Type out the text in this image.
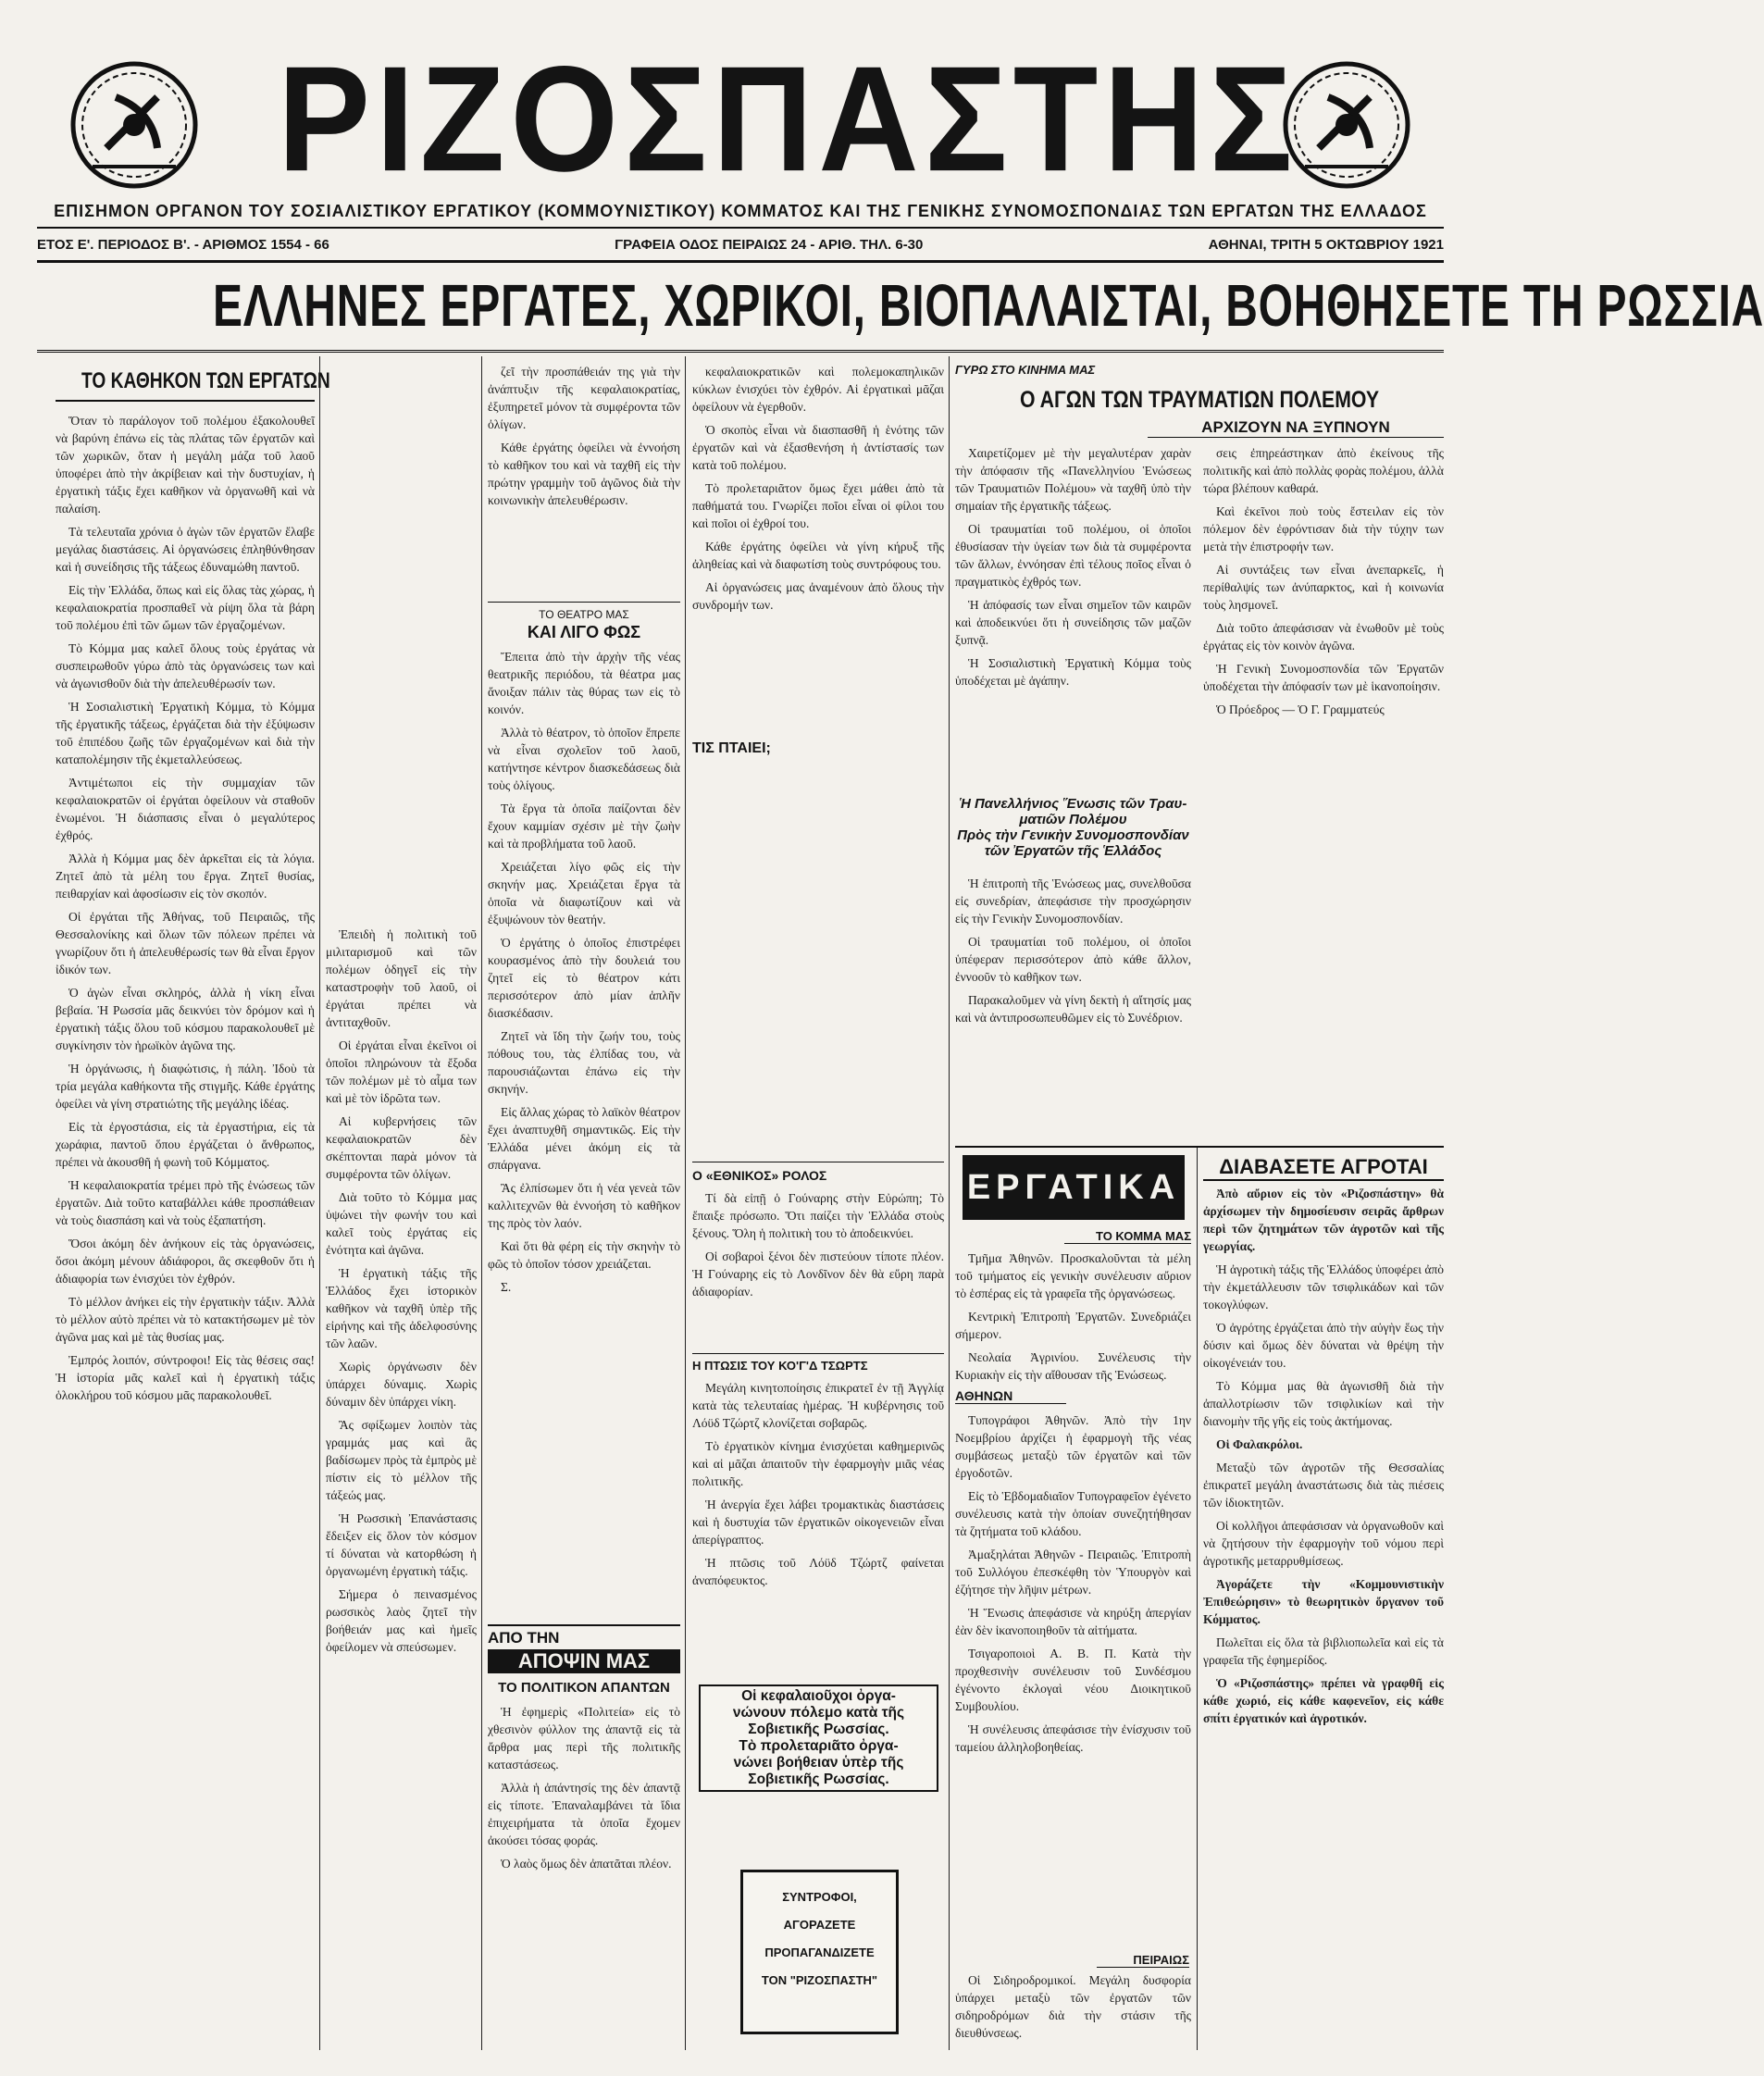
ΡΙΖΟΣΠΑΣΤΗΣ
ΕΠΙΣΗΜΟΝ ΟΡΓΑΝΟΝ ΤΟΥ ΣΟΣΙΑΛΙΣΤΙΚΟΥ ΕΡΓΑΤΙΚΟΥ (ΚΟΜΜΟΥΝΙΣΤΙΚΟΥ) ΚΟΜΜΑΤΟΣ ΚΑΙ ΤΗΣ ΓΕΝΙΚΗΣ ΣΥΝΟΜΟΣΠΟΝΔΙΑΣ ΤΩΝ ΕΡΓΑΤΩΝ ΤΗΣ ΕΛΛΑΔΟΣ
ΕΤΟΣ Ε'. ΠΕΡΙΟΔΟΣ Β'. - ΑΡΙΘΜΟΣ 1554 - 66	ΓΡΑΦΕΙΑ ΟΔΟΣ ΠΕΙΡΑΙΩΣ 24 - ΑΡΙΘ. ΤΗΛ. 6-30	ΑΘΗΝΑΙ, ΤΡΙΤΗ 5 ΟΚΤΩΒΡΙΟΥ 1921
ΕΛΛΗΝΕΣ ΕΡΓΑΤΕΣ, ΧΩΡΙΚΟΙ, ΒΙΟΠΑΛΑΙΣΤΑΙ, ΒΟΗΘΗΣΕΤΕ ΤΗ ΡΩΣΣΙΑ
ΤΟ ΚΑΘΗΚΟΝ ΤΩΝ ΕΡΓΑΤΩΝ

Ὅταν τὸ παράλογον τοῦ πολέμου ἐξακολουθεῖ νὰ βαρύνη ἐπάνω εἰς τὰς πλάτας τῶν ἐργατῶν καὶ τῶν χωρικῶν, ὅταν ἡ μεγάλη μάζα τοῦ λαοῦ ὑποφέρει ἀπὸ τὴν ἀκρίβειαν καὶ τὴν δυστυχίαν, ἡ ἐργατικὴ τάξις ἔχει καθῆκον νὰ ὀργανωθῆ καὶ νὰ παλαίση.

Τὰ τελευταῖα χρόνια ὁ ἀγὼν τῶν ἐργατῶν ἔλαβε μεγάλας διαστάσεις. Αἱ ὀργανώσεις ἐπληθύνθησαν καὶ ἡ συνείδησις τῆς τάξεως ἐδυναμώθη παντοῦ.

Εἰς τὴν Ἑλλάδα, ὅπως καὶ εἰς ὅλας τὰς χώρας, ἡ κεφαλαιοκρατία προσπαθεῖ νὰ ρίψη ὅλα τὰ βάρη τοῦ πολέμου ἐπὶ τῶν ὤμων τῶν ἐργαζομένων.

Τὸ Κόμμα μας καλεῖ ὅλους τοὺς ἐργάτας νὰ συσπειρωθοῦν γύρω ἀπὸ τὰς ὀργανώσεις των καὶ νὰ ἀγωνισθοῦν διὰ τὴν ἀπελευθέρωσίν των.

Ἡ Σοσιαλιστικὴ Ἐργατικὴ Κόμμα, τὸ Κόμμα τῆς ἐργατικῆς τάξεως, ἐργάζεται διὰ τὴν ἐξύψωσιν τοῦ ἐπιπέδου ζωῆς τῶν ἐργαζομένων καὶ διὰ τὴν καταπολέμησιν τῆς ἐκμεταλλεύσεως.

Ἀντιμέτωποι εἰς τὴν συμμαχίαν τῶν κεφαλαιοκρατῶν οἱ ἐργάται ὀφείλουν νὰ σταθοῦν ἑνωμένοι. Ἡ διάσπασις εἶναι ὁ μεγαλύτερος ἐχθρός.

Ἀλλὰ ἡ Κόμμα μας δὲν ἀρκεῖται εἰς τὰ λόγια. Ζητεῖ ἀπὸ τὰ μέλη του ἔργα. Ζητεῖ θυσίας, πειθαρχίαν καὶ ἀφοσίωσιν εἰς τὸν σκοπόν.

Οἱ ἐργάται τῆς Ἀθήνας, τοῦ Πειραιῶς, τῆς Θεσσαλονίκης καὶ ὅλων τῶν πόλεων πρέπει νὰ γνωρίζουν ὅτι ἡ ἀπελευθέρωσίς των θὰ εἶναι ἔργον ἰδικόν των.

Ὁ ἀγὼν εἶναι σκληρός, ἀλλὰ ἡ νίκη εἶναι βεβαία. Ἡ Ρωσσία μᾶς δεικνύει τὸν δρόμον καὶ ἡ ἐργατικὴ τάξις ὅλου τοῦ κόσμου παρακολουθεῖ μὲ συγκίνησιν τὸν ἡρωϊκὸν ἀγῶνα της.

Ἡ ὀργάνωσις, ἡ διαφώτισις, ἡ πάλη. Ἰδοὺ τὰ τρία μεγάλα καθήκοντα τῆς στιγμῆς. Κάθε ἐργάτης ὀφείλει νὰ γίνη στρατιώτης τῆς μεγάλης ἰδέας.

Εἰς τὰ ἐργοστάσια, εἰς τὰ ἐργαστήρια, εἰς τὰ χωράφια, παντοῦ ὅπου ἐργάζεται ὁ ἄνθρωπος, πρέπει νὰ ἀκουσθῆ ἡ φωνὴ τοῦ Κόμματος.

Ἡ κεφαλαιοκρατία τρέμει πρὸ τῆς ἑνώσεως τῶν ἐργατῶν. Διὰ τοῦτο καταβάλλει κάθε προσπάθειαν νὰ τοὺς διασπάση καὶ νὰ τοὺς ἐξαπατήση.

Ὅσοι ἀκόμη δὲν ἀνήκουν εἰς τὰς ὀργανώσεις, ὅσοι ἀκόμη μένουν ἀδιάφοροι, ἂς σκεφθοῦν ὅτι ἡ ἀδιαφορία των ἐνισχύει τὸν ἐχθρόν.

Τὸ μέλλον ἀνήκει εἰς τὴν ἐργατικὴν τάξιν. Ἀλλὰ τὸ μέλλον αὐτὸ πρέπει νὰ τὸ κατακτήσωμεν μὲ τὸν ἀγῶνα μας καὶ μὲ τὰς θυσίας μας.

Ἐμπρός λοιπόν, σύντροφοι! Εἰς τὰς θέσεις σας! Ἡ ἱστορία μᾶς καλεῖ καὶ ἡ ἐργατικὴ τάξις ὁλοκλήρου τοῦ κόσμου μᾶς παρακολουθεῖ.

Ἐπειδὴ ἡ πολιτικὴ τοῦ μιλιταρισμοῦ καὶ τῶν πολέμων ὁδηγεῖ εἰς τὴν καταστροφὴν τοῦ λαοῦ, οἱ ἐργάται πρέπει νὰ ἀντιταχθοῦν.

Οἱ ἐργάται εἶναι ἐκεῖνοι οἱ ὁποῖοι πληρώνουν τὰ ἔξοδα τῶν πολέμων μὲ τὸ αἷμα των καὶ μὲ τὸν ἱδρῶτα των.

Αἱ κυβερνήσεις τῶν κεφαλαιοκρατῶν δὲν σκέπτονται παρὰ μόνον τὰ συμφέροντα τῶν ὀλίγων.

Διὰ τοῦτο τὸ Κόμμα μας ὑψώνει τὴν φωνήν του καὶ καλεῖ τοὺς ἐργάτας εἰς ἐνότητα καὶ ἀγῶνα.

Ἡ ἐργατικὴ τάξις τῆς Ἑλλάδος ἔχει ἱστορικὸν καθῆκον νὰ ταχθῆ ὑπὲρ τῆς εἰρήνης καὶ τῆς ἀδελφοσύνης τῶν λαῶν.

Χωρὶς ὀργάνωσιν δὲν ὑπάρχει δύναμις. Χωρὶς δύναμιν δὲν ὑπάρχει νίκη.

Ἂς σφίξωμεν λοιπὸν τὰς γραμμάς μας καὶ ἂς βαδίσωμεν πρὸς τὰ ἐμπρὸς μὲ πίστιν εἰς τὸ μέλλον τῆς τάξεώς μας.

Ἡ Ρωσσικὴ Ἐπανάστασις ἔδειξεν εἰς ὅλον τὸν κόσμον τί δύναται νὰ κατορθώση ἡ ὀργανωμένη ἐργατικὴ τάξις.

Σήμερα ὁ πεινασμένος ρωσσικὸς λαὸς ζητεῖ τὴν βοήθειάν μας καὶ ἡμεῖς ὀφείλομεν νὰ σπεύσωμεν.

ζεῖ τὴν προσπάθειάν της γιὰ τὴν ἀνάπτυξιν τῆς κεφαλαιοκρατίας, ἐξυπηρετεῖ μόνον τὰ συμφέροντα τῶν ὀλίγων.

Κάθε ἐργάτης ὀφείλει νὰ ἐννοήση τὸ καθῆκον του καὶ νὰ ταχθῆ εἰς τὴν πρώτην γραμμὴν τοῦ ἀγῶνος διὰ τὴν κοινωνικὴν ἀπελευθέρωσιν.

ΤΟ ΘΕΑΤΡΟ ΜΑΣ
ΚΑΙ ΛΙΓΟ ΦΩΣ

Ἔπειτα ἀπὸ τὴν ἀρχὴν τῆς νέας θεατρικῆς περιόδου, τὰ θέατρα μας ἄνοιξαν πάλιν τὰς θύρας των εἰς τὸ κοινόν.

Ἀλλὰ τὸ θέατρον, τὸ ὁποῖον ἔπρεπε νὰ εἶναι σχολεῖον τοῦ λαοῦ, κατήντησε κέντρον διασκεδάσεως διὰ τοὺς ὀλίγους.

Τὰ ἔργα τὰ ὁποῖα παίζονται δὲν ἔχουν καμμίαν σχέσιν μὲ τὴν ζωὴν καὶ τὰ προβλήματα τοῦ λαοῦ.

Χρειάζεται λίγο φῶς εἰς τὴν σκηνήν μας. Χρειάζεται ἔργα τὰ ὁποῖα νὰ διαφωτίζουν καὶ νὰ ἐξυψώνουν τὸν θεατήν.

Ὁ ἐργάτης ὁ ὁποῖος ἐπιστρέφει κουρασμένος ἀπὸ τὴν δουλειά του ζητεῖ εἰς τὸ θέατρον κάτι περισσότερον ἀπὸ μίαν ἁπλῆν διασκέδασιν.

Ζητεῖ νὰ ἴδη τὴν ζωήν του, τοὺς πόθους του, τὰς ἐλπίδας του, νὰ παρουσιάζωνται ἐπάνω εἰς τὴν σκηνήν.

Εἰς ἄλλας χώρας τὸ λαϊκὸν θέατρον ἔχει ἀναπτυχθῆ σημαντικῶς. Εἰς τὴν Ἑλλάδα μένει ἀκόμη εἰς τὰ σπάργανα.

Ἂς ἐλπίσωμεν ὅτι ἡ νέα γενεὰ τῶν καλλιτεχνῶν θὰ ἐννοήση τὸ καθῆκον της πρὸς τὸν λαόν.

Καὶ ὅτι θὰ φέρη εἰς τὴν σκηνὴν τὸ φῶς τὸ ὁποῖον τόσον χρειάζεται.

Σ.

ΑΠΟ ΤΗΝ
ΑΠΟΨΙΝ ΜΑΣ
ΤΟ ΠΟΛΙΤΙΚΟΝ ΑΠΑΝΤΩΝ

Ἡ ἐφημερὶς «Πολιτεία» εἰς τὸ χθεσινὸν φύλλον της ἀπαντᾷ εἰς τὰ ἄρθρα μας περὶ τῆς πολιτικῆς καταστάσεως.

Ἀλλὰ ἡ ἀπάντησίς της δὲν ἀπαντᾷ εἰς τίποτε. Ἐπαναλαμβάνει τὰ ἴδια ἐπιχειρήματα τὰ ὁποῖα ἔχομεν ἀκούσει τόσας φοράς.

Ὁ λαὸς ὅμως δὲν ἀπατᾶται πλέον.

κεφαλαιοκρατικῶν καὶ πολεμοκαπηλικῶν κύκλων ἐνισχύει τὸν ἐχθρόν. Αἱ ἐργατικαὶ μᾶζαι ὀφείλουν νὰ ἐγερθοῦν.

Ὁ σκοπὸς εἶναι νὰ διασπασθῆ ἡ ἑνότης τῶν ἐργατῶν καὶ νὰ ἐξασθενήση ἡ ἀντίστασίς των κατὰ τοῦ πολέμου.

Τὸ προλεταριᾶτον ὅμως ἔχει μάθει ἀπὸ τὰ παθήματά του. Γνωρίζει ποῖοι εἶναι οἱ φίλοι του καὶ ποῖοι οἱ ἐχθροί του.

Κάθε ἐργάτης ὀφείλει νὰ γίνη κήρυξ τῆς ἀληθείας καὶ νὰ διαφωτίση τοὺς συντρόφους του.

Αἱ ὀργανώσεις μας ἀναμένουν ἀπὸ ὅλους τὴν συνδρομήν των.

ΤΙΣ ΠΤΑΙΕΙ;
Ο «ΕΘΝΙΚΟΣ» ΡΟΛΟΣ

Τί δὰ εἰπῇ ὁ Γούναρης στὴν Εὐρώπη; Τὸ ἔπαιξε πρόσωπο. Ὅτι παίζει τὴν Ἑλλάδα στοὺς ξένους. Ὅλη ἡ πολιτικὴ του τὸ ἀποδεικνύει.

Οἱ σοβαροὶ ξένοι δὲν πιστεύουν τίποτε πλέον. Ἡ Γούναρης εἰς τὸ Λονδῖνον δὲν θὰ εὕρη παρὰ ἀδιαφορίαν.

Η ΠΤΩΣΙΣ ΤΟΥ ΚΟ'Γ'Δ ΤΣΩΡΤΣ

Μεγάλη κινητοποίησις ἐπικρατεῖ ἐν τῇ Ἀγγλίᾳ κατὰ τὰς τελευταίας ἡμέρας. Ἡ κυβέρνησις τοῦ Λόϋδ Τζώρτζ κλονίζεται σοβαρῶς.

Τὸ ἐργατικὸν κίνημα ἐνισχύεται καθημερινῶς καὶ αἱ μᾶζαι ἀπαιτοῦν τὴν ἐφαρμογὴν μιᾶς νέας πολιτικῆς.

Ἡ ἀνεργία ἔχει λάβει τρομακτικὰς διαστάσεις καὶ ἡ δυστυχία τῶν ἐργατικῶν οἰκογενειῶν εἶναι ἀπερίγραπτος.

Ἡ πτῶσις τοῦ Λόϋδ Τζώρτζ φαίνεται ἀναπόφευκτος.

Οἱ κεφαλαιοῦχοι ὀργα-
νώνουν πόλεμο κατὰ τῆς
Σοβιετικῆς Ρωσσίας.
Τὸ προλεταριᾶτο ὀργα-
νώνει βοήθειαν ὑπὲρ τῆς
Σοβιετικῆς Ρωσσίας.
ΣΥΝΤΡΟΦΟΙ,
ΑΓΟΡΑΖΕΤΕ
ΠΡΟΠΑΓΑΝΔΙΖΕΤΕ
ΤΟΝ "ΡΙΖΟΣΠΑΣΤΗ"
ΓΥΡΩ ΣΤΟ ΚΙΝΗΜΑ ΜΑΣ
Ο ΑΓΩΝ ΤΩΝ ΤΡΑΥΜΑΤΙΩΝ ΠΟΛΕΜΟΥ
ΑΡΧΙΖΟΥΝ ΝΑ ΞΥΠΝΟΥΝ

Χαιρετίζομεν μὲ τὴν μεγαλυτέραν χαρὰν τὴν ἀπόφασιν τῆς «Πανελληνίου Ἑνώσεως τῶν Τραυματιῶν Πολέμου» νὰ ταχθῆ ὑπὸ τὴν σημαίαν τῆς ἐργατικῆς τάξεως.

Οἱ τραυματίαι τοῦ πολέμου, οἱ ὁποῖοι ἐθυσίασαν τὴν ὑγείαν των διὰ τὰ συμφέροντα τῶν ἄλλων, ἐννόησαν ἐπὶ τέλους ποῖος εἶναι ὁ πραγματικὸς ἐχθρός των.

Ἡ ἀπόφασίς των εἶναι σημεῖον τῶν καιρῶν καὶ ἀποδεικνύει ὅτι ἡ συνείδησις τῶν μαζῶν ξυπνᾷ.

Ἡ Σοσιαλιστικὴ Ἐργατικὴ Κόμμα τοὺς ὑποδέχεται μὲ ἀγάπην.

σεις ἐπηρεάστηκαν ἀπὸ ἐκείνους τῆς πολιτικῆς καὶ ἀπὸ πολλὰς φορὰς πολέμου, ἀλλὰ τώρα βλέπουν καθαρά.

Καὶ ἐκεῖνοι ποὺ τοὺς ἔστειλαν εἰς τὸν πόλεμον δὲν ἐφρόντισαν διὰ τὴν τύχην των μετὰ τὴν ἐπιστροφήν των.

Αἱ συντάξεις των εἶναι ἀνεπαρκεῖς, ἡ περίθαλψίς των ἀνύπαρκτος, καὶ ἡ κοινωνία τοὺς λησμονεῖ.

Διὰ τοῦτο ἀπεφάσισαν νὰ ἑνωθοῦν μὲ τοὺς ἐργάτας εἰς τὸν κοινὸν ἀγῶνα.

Ἡ Γενικὴ Συνομοσπονδία τῶν Ἐργατῶν ὑποδέχεται τὴν ἀπόφασίν των μὲ ἱκανοποίησιν.

Ὁ Πρόεδρος — Ὁ Γ. Γραμματεύς

Ἡ Πανελλήνιος Ἕνωσις τῶν Τραυ-
ματιῶν Πολέμου
Πρὸς τὴν Γενικὴν Συνομοσπονδίαν
τῶν Ἐργατῶν τῆς Ἑλλάδος

Ἡ ἐπιτροπὴ τῆς Ἑνώσεως μας, συνελθοῦσα εἰς συνεδρίαν, ἀπεφάσισε τὴν προσχώρησιν εἰς τὴν Γενικὴν Συνομοσπονδίαν.

Οἱ τραυματίαι τοῦ πολέμου, οἱ ὁποῖοι ὑπέφεραν περισσότερον ἀπὸ κάθε ἄλλον, ἐννοοῦν τὸ καθῆκον των.

Παρακαλοῦμεν νὰ γίνη δεκτὴ ἡ αἴτησίς μας καὶ νὰ ἀντιπροσωπευθῶμεν εἰς τὸ Συνέδριον.

ΕΡΓΑΤΙΚΑ
ΤΟ ΚΟΜΜΑ ΜΑΣ

Τμῆμα Ἀθηνῶν. Προσκαλοῦνται τὰ μέλη τοῦ τμήματος εἰς γενικὴν συνέλευσιν αὔριον τὸ ἑσπέρας εἰς τὰ γραφεῖα τῆς ὀργανώσεως.

Κεντρικὴ Ἐπιτροπὴ Ἐργατῶν. Συνεδριάζει σήμερον.

Νεολαία Ἀγρινίου. Συνέλευσις τὴν Κυριακὴν εἰς τὴν αἴθουσαν τῆς Ἑνώσεως.

ΑΘΗΝΩΝ

Τυπογράφοι Ἀθηνῶν. Ἀπὸ τὴν 1ην Νοεμβρίου ἀρχίζει ἡ ἐφαρμογὴ τῆς νέας συμβάσεως μεταξὺ τῶν ἐργατῶν καὶ τῶν ἐργοδοτῶν.

Εἰς τὸ Ἑβδομαδιαῖον Τυπογραφεῖον ἐγένετο συνέλευσις κατὰ τὴν ὁποίαν συνεζητήθησαν τὰ ζητήματα τοῦ κλάδου.

Ἀμαξηλάται Ἀθηνῶν - Πειραιῶς. Ἐπιτροπὴ τοῦ Συλλόγου ἐπεσκέφθη τὸν Ὑπουργὸν καὶ ἐζήτησε τὴν λῆψιν μέτρων.

Ἡ Ἕνωσις ἀπεφάσισε νὰ κηρύξη ἀπεργίαν ἐὰν δὲν ἱκανοποιηθοῦν τὰ αἰτήματα.

Τσιγαροποιοὶ Α. Β. Π. Κατὰ τὴν προχθεσινὴν συνέλευσιν τοῦ Συνδέσμου ἐγένοντο ἐκλογαὶ νέου Διοικητικοῦ Συμβουλίου.

Ἡ συνέλευσις ἀπεφάσισε τὴν ἐνίσχυσιν τοῦ ταμείου ἀλληλοβοηθείας.

ΠΕΙΡΑΙΩΣ

Οἱ Σιδηροδρομικοί. Μεγάλη δυσφορία ὑπάρχει μεταξὺ τῶν ἐργατῶν τῶν σιδηροδρόμων διὰ τὴν στάσιν τῆς διευθύνσεως.

ΔΙΑΒΑΣΕΤΕ ΑΓΡΟΤΑΙ

Ἀπὸ αὔριον εἰς τὸν «Ριζοσπάστην» θὰ ἀρχίσωμεν τὴν δημοσίευσιν σειρᾶς ἄρθρων περὶ τῶν ζητημάτων τῶν ἀγροτῶν καὶ τῆς γεωργίας.

Ἡ ἀγροτικὴ τάξις τῆς Ἑλλάδος ὑποφέρει ἀπὸ τὴν ἐκμετάλλευσιν τῶν τσιφλικάδων καὶ τῶν τοκογλύφων.

Ὁ ἀγρότης ἐργάζεται ἀπὸ τὴν αὐγὴν ἕως τὴν δύσιν καὶ ὅμως δὲν δύναται νὰ θρέψη τὴν οἰκογένειάν του.

Τὸ Κόμμα μας θὰ ἀγωνισθῆ διὰ τὴν ἀπαλλοτρίωσιν τῶν τσιφλικίων καὶ τὴν διανομὴν τῆς γῆς εἰς τοὺς ἀκτήμονας.

Οἱ Φαλακρόλοι.

Μεταξὺ τῶν ἀγροτῶν τῆς Θεσσαλίας ἐπικρατεῖ μεγάλη ἀναστάτωσις διὰ τὰς πιέσεις τῶν ἰδιοκτητῶν.

Οἱ κολλῆγοι ἀπεφάσισαν νὰ ὀργανωθοῦν καὶ νὰ ζητήσουν τὴν ἐφαρμογὴν τοῦ νόμου περὶ ἀγροτικῆς μεταρρυθμίσεως.

Ἀγοράζετε τὴν «Κομμουνιστικὴν Ἐπιθεώρησιν» τὸ θεωρητικὸν ὄργανον τοῦ Κόμματος.

Πωλεῖται εἰς ὅλα τὰ βιβλιοπωλεῖα καὶ εἰς τὰ γραφεῖα τῆς ἐφημερίδος.

Ὁ «Ριζοσπάστης» πρέπει νὰ γραφθῆ εἰς κάθε χωριό, εἰς κάθε καφενεῖον, εἰς κάθε σπίτι ἐργατικόν καὶ ἀγροτικόν.
